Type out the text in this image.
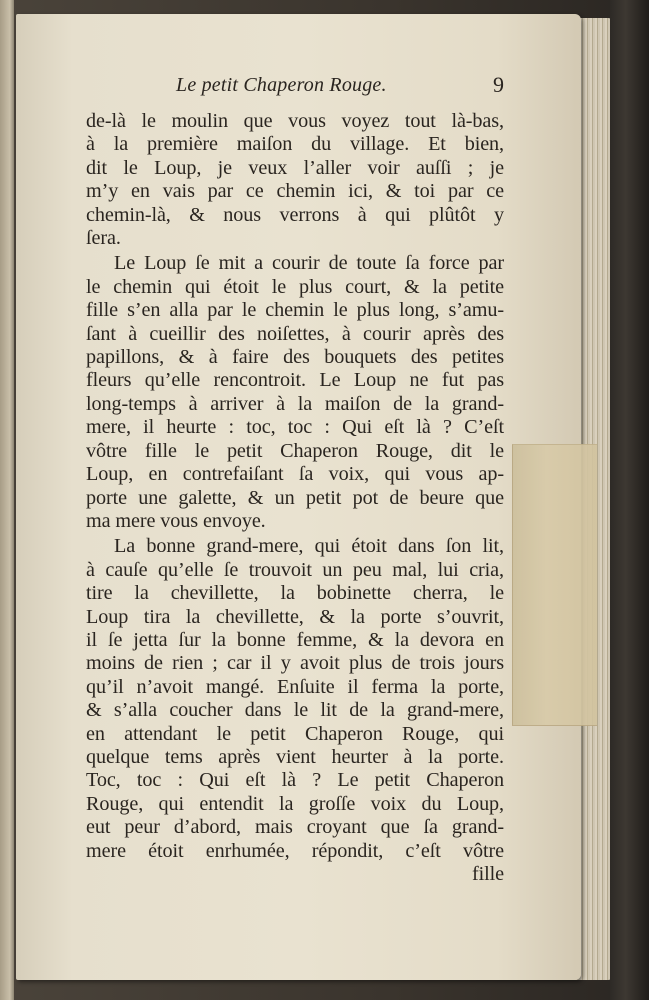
Le petit Chaperon Rouge.	9
de-là le moulin que vous voyez tout là-bas,
à la première maiſon du village. Et bien,
dit le Loup, je veux l’aller voir auſſi ; je
m’y en vais par ce chemin ici, & toi par ce
chemin-là, & nous verrons à qui plûtôt y
ſera.
Le Loup ſe mit a courir de toute ſa force par
le chemin qui étoit le plus court, & la petite
fille s’en alla par le chemin le plus long, s’amu-
ſant à cueillir des noiſettes, à courir après des
papillons, & à faire des bouquets des petites
fleurs qu’elle rencontroit. Le Loup ne fut pas
long-temps à arriver à la maiſon de la grand-
mere, il heurte : toc, toc : Qui eſt là ? C’eſt
vôtre fille le petit Chaperon Rouge, dit le
Loup, en contrefaiſant ſa voix, qui vous ap-
porte une galette, & un petit pot de beure que
ma mere vous envoye.
La bonne grand-mere, qui étoit dans ſon lit,
à cauſe qu’elle ſe trouvoit un peu mal, lui cria,
tire la chevillette, la bobinette cherra, le
Loup tira la chevillette, & la porte s’ouvrit,
il ſe jetta ſur la bonne femme, & la devora en
moins de rien ; car il y avoit plus de trois jours
qu’il n’avoit mangé. Enſuite il ferma la porte,
& s’alla coucher dans le lit de la grand-mere,
en attendant le petit Chaperon Rouge, qui
quelque tems après vient heurter à la porte.
Toc, toc : Qui eſt là ? Le petit Chaperon
Rouge, qui entendit la groſſe voix du Loup,
eut peur d’abord, mais croyant que ſa grand-
mere étoit enrhumée, répondit, c’eſt vôtre
fille
